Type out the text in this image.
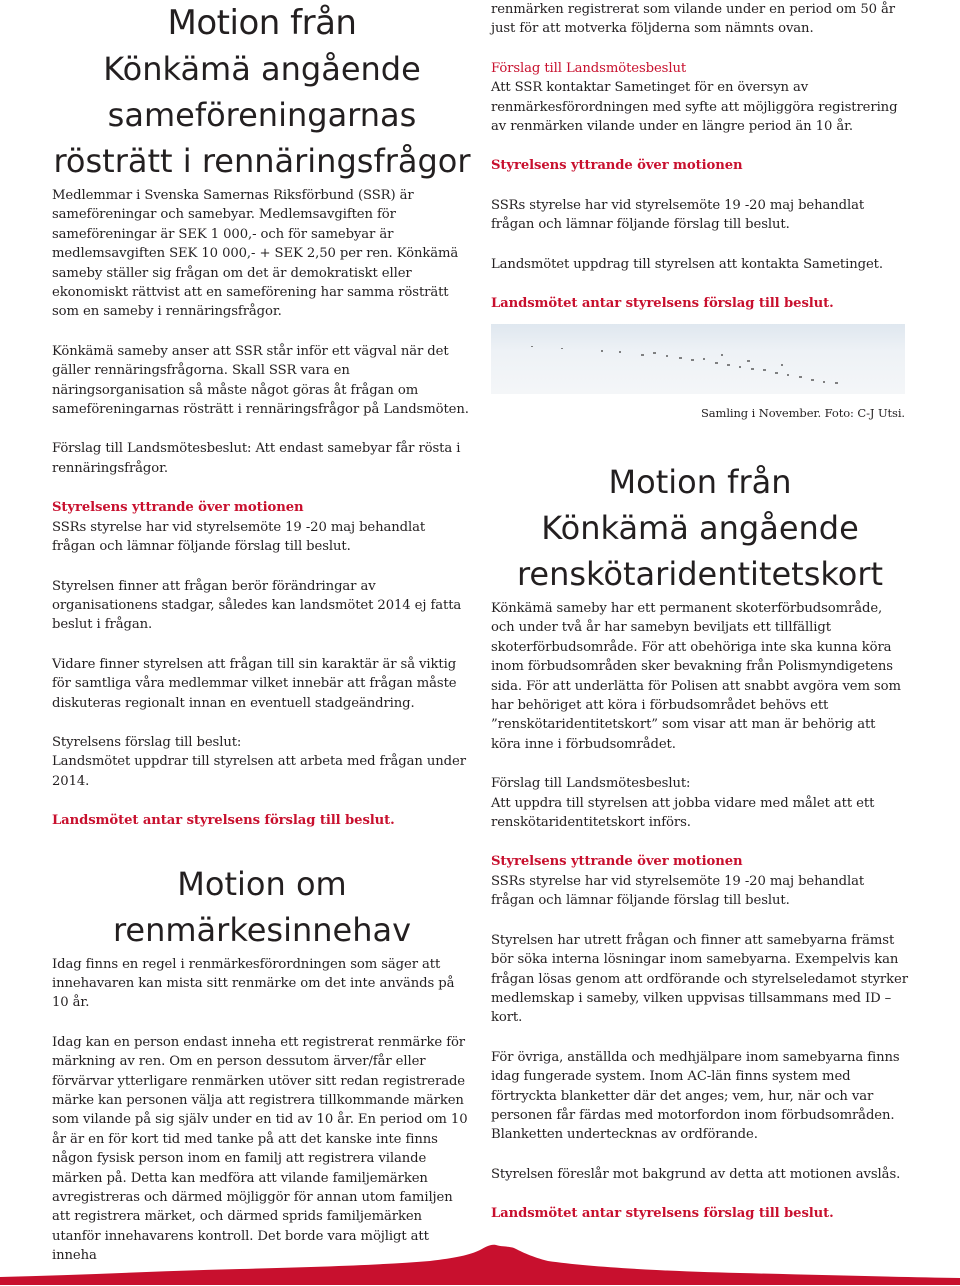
Motion från
Könkämä angående
sameföreningarnas
rösträtt i rennäringsfrågor

Medlemmar i Svenska Samernas Riksförbund (SSR) är sameföreningar och samebyar. Medlemsavgiften för sameföreningar är SEK 1 000,- och för samebyar är medlemsavgiften SEK 10 000,- + SEK 2,50 per ren. Könkämä sameby ställer sig frågan om det är demokratiskt eller ekonomiskt rättvist att en sameförening har samma rösträtt som en sameby i rennäringsfrågor.

Könkämä sameby anser att SSR står inför ett vägval när det gäller rennäringsfrågorna. Skall SSR vara en näringsorganisation så måste något göras åt frågan om sameföreningarnas rösträtt i rennäringsfrågor på Landsmöten.

Förslag till Landsmötesbeslut: Att endast samebyar får rösta i rennäringsfrågor.

Styrelsens yttrande över motionen
SSRs styrelse har vid styrelsemöte 19 -20 maj behandlat frågan och lämnar följande förslag till beslut.

Styrelsen finner att frågan berör förändringar av organisationens stadgar, således kan landsmötet 2014 ej fatta beslut i frågan.

Vidare finner styrelsen att frågan till sin karaktär är så viktig för samtliga våra medlemmar vilket innebär att frågan måste diskuteras regionalt innan en eventuell stadgeändring.

Styrelsens förslag till beslut:
Landsmötet uppdrar till styrelsen att arbeta med frågan under 2014.

Landsmötet antar styrelsens förslag till beslut.

Motion om
renmärkesinnehav

Idag finns en regel i renmärkesförordningen som säger att innehavaren kan mista sitt renmärke om det inte används på 10 år.

Idag kan en person endast inneha ett registrerat renmärke för märkning av ren. Om en person dessutom ärver/får eller förvärvar ytterligare renmärken utöver sitt redan registrerade märke kan personen välja att registrera tillkommande märken som vilande på sig själv under en tid av 10 år. En period om 10 år är en för kort tid med tanke på att det kanske inte finns någon fysisk person inom en familj att registrera vilande märken på. Detta kan medföra att vilande familjemärken avregistreras och därmed möjliggör för annan utom familjen att registrera märket, och därmed sprids familjemärken utanför innehavarens kontroll. Det borde vara möjligt att inneha

renmärken registrerat som vilande under en period om 50 år just för att motverka följderna som nämnts ovan.

Förslag till Landsmötesbeslut
Att SSR kontaktar Sametinget för en översyn av renmärkesförordningen med syfte att möjliggöra registrering av renmärken vilande under en längre period än 10 år.

Styrelsens yttrande över motionen

SSRs styrelse har vid styrelsemöte 19 -20 maj behandlat frågan och lämnar följande förslag till beslut.

Landsmötet uppdrag till styrelsen att kontakta Sametinget.

Landsmötet antar styrelsens förslag till beslut.

Samling i November. Foto: C-J Utsi.

Motion från
Könkämä angående
renskötaridentitetskort

Könkämä sameby har ett permanent skoterförbudsområde, och under två år har samebyn beviljats ett tillfälligt skoterförbudsområde. För att obehöriga inte ska kunna köra inom förbudsområden sker bevakning från Polismyndigetens sida. För att underlätta för Polisen att snabbt avgöra vem som har behöriget att köra i förbudsområdet behövs ett ”renskötaridentitetskort” som visar att man är behörig att köra inne i förbudsområdet.

Förslag till Landsmötesbeslut:
Att uppdra till styrelsen att jobba vidare med målet att ett renskötaridentitetskort införs.

Styrelsens yttrande över motionen
SSRs styrelse har vid styrelsemöte 19 -20 maj behandlat frågan och lämnar följande förslag till beslut.

Styrelsen har utrett frågan och finner att samebyarna främst bör söka interna lösningar inom samebyarna. Exempelvis kan frågan lösas genom att ordförande och styrelseledamot styrker medlemskap i sameby, vilken uppvisas tillsammans med ID – kort.

För övriga, anställda och medhjälpare inom samebyarna finns idag fungerade system. Inom AC-län finns system med förtryckta blanketter där det anges; vem, hur, när och var personen får färdas med motorfordon inom förbudsområden. Blanketten undertecknas av ordförande.

Styrelsen föreslår mot bakgrund av detta att motionen avslås.

Landsmötet antar styrelsens förslag till beslut.
